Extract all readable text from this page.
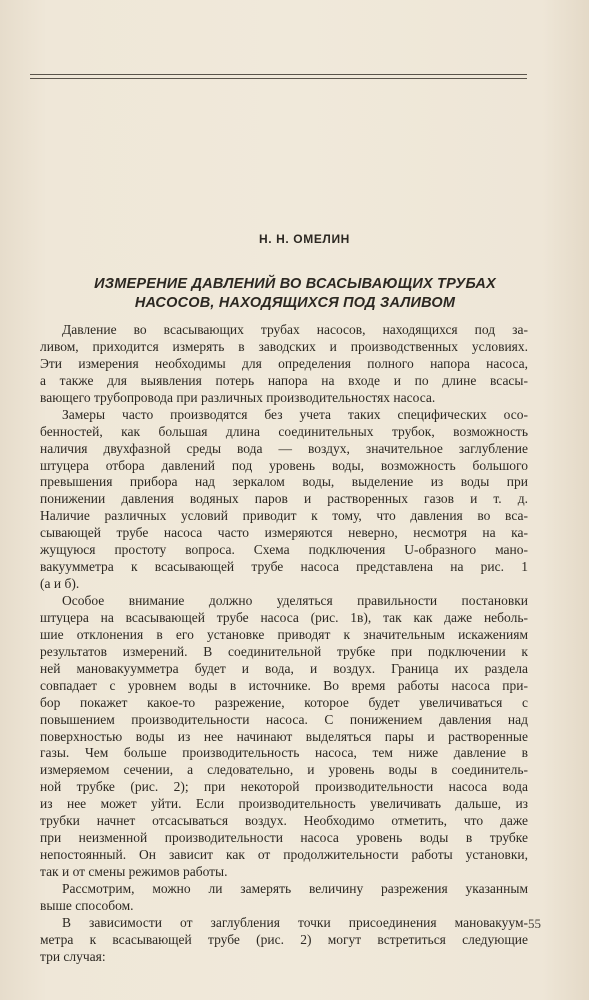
Н. Н. ОМЕЛИН
ИЗМЕРЕНИЕ ДАВЛЕНИЙ ВО ВСАСЫВАЮЩИХ ТРУБАХ
НАСОСОВ, НАХОДЯЩИХСЯ ПОД ЗАЛИВОМ
Давление во всасывающих трубах насосов, находящихся под за-
ливом, приходится измерять в заводских и производственных условиях.
Эти измерения необходимы для определения полного напора насоса,
а также для выявления потерь напора на входе и по длине всасы-
вающего трубопровода при различных производительностях насоса.
Замеры часто производятся без учета таких специфических осо-
бенностей, как большая длина соединительных трубок, возможность
наличия двухфазной среды вода — воздух, значительное заглубление
штуцера отбора давлений под уровень воды, возможность большого
превышения прибора над зеркалом воды, выделение из воды при
понижении давления водяных паров и растворенных газов и т. д.
Наличие различных условий приводит к тому, что давления во вса-
сывающей трубе насоса часто измеряются неверно, несмотря на ка-
жущуюся простоту вопроса. Схема подключения U-образного мано-
вакуумметра к всасывающей трубе насоса представлена на рис. 1
(а и б).
Особое внимание должно уделяться правильности постановки
штуцера на всасывающей трубе насоса (рис. 1в), так как даже неболь-
шие отклонения в его установке приводят к значительным искажениям
результатов измерений. В соединительной трубке при подключении к
ней мановакуумметра будет и вода, и воздух. Граница их раздела
совпадает с уровнем воды в источнике. Во время работы насоса при-
бор покажет какое-то разрежение, которое будет увеличиваться с
повышением производительности насоса. С понижением давления над
поверхностью воды из нее начинают выделяться пары и растворенные
газы. Чем больше производительность насоса, тем ниже давление в
измеряемом сечении, а следовательно, и уровень воды в соединитель-
ной трубке (рис. 2); при некоторой производительности насоса вода
из нее может уйти. Если производительность увеличивать дальше, из
трубки начнет отсасываться воздух. Необходимо отметить, что даже
при неизменной производительности насоса уровень воды в трубке
непостоянный. Он зависит как от продолжительности работы установки,
так и от смены режимов работы.
Рассмотрим, можно ли замерять величину разрежения указанным
выше способом.
В зависимости от заглубления точки присоединения мановакуум-
метра к всасывающей трубе (рис. 2) могут встретиться следующие
три случая:
55
